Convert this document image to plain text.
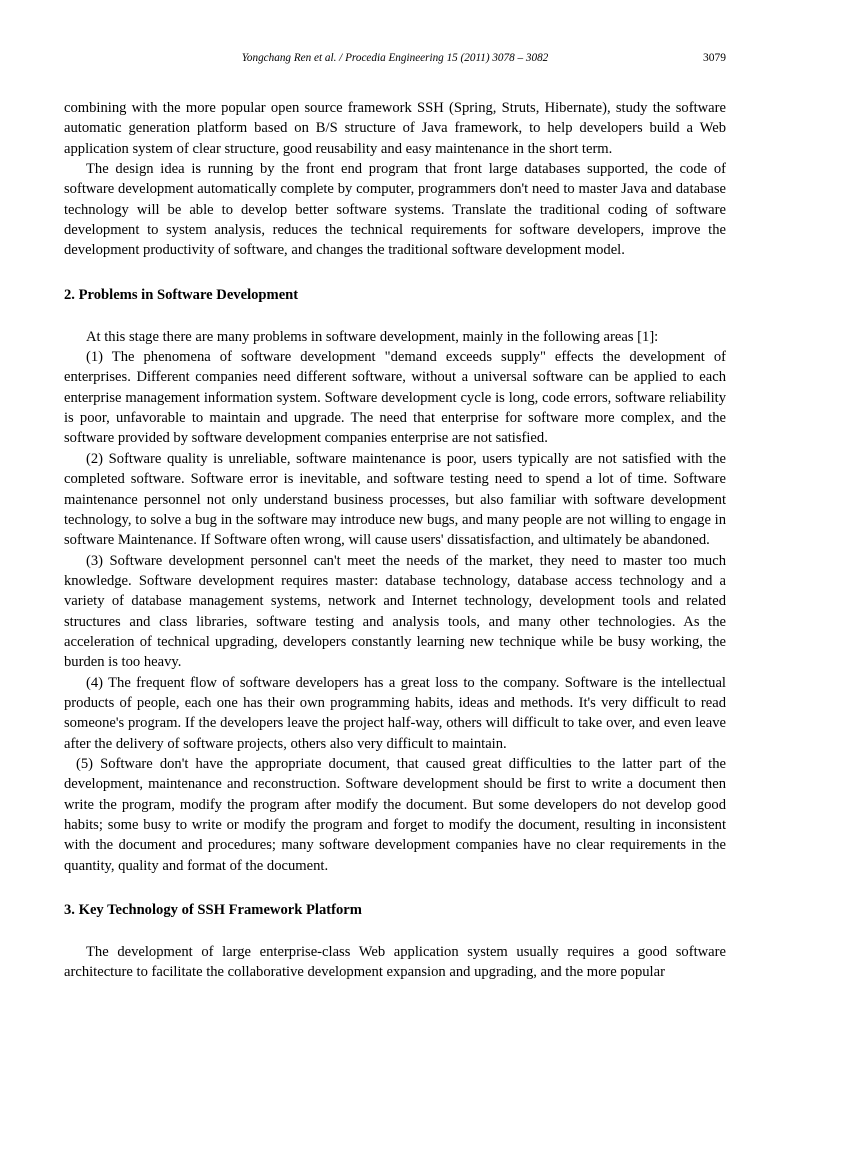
Yongchang Ren et al. / Procedia Engineering 15 (2011) 3078 – 3082	3079

combining with the more popular open source framework SSH (Spring, Struts, Hibernate), study the software automatic generation platform based on B/S structure of Java framework, to help developers build a Web application system of clear structure, good reusability and easy maintenance in the short term.

The design idea is running by the front end program that front large databases supported, the code of software development automatically complete by computer, programmers don't need to master Java and database technology will be able to develop better software systems. Translate the traditional coding of software development to system analysis, reduces the technical requirements for software developers, improve the development productivity of software, and changes the traditional software development model.

2. Problems in Software Development

At this stage there are many problems in software development, mainly in the following areas [1]:

(1) The phenomena of software development "demand exceeds supply" effects the development of enterprises. Different companies need different software, without a universal software can be applied to each enterprise management information system. Software development cycle is long, code errors, software reliability is poor, unfavorable to maintain and upgrade. The need that enterprise for software more complex, and the software provided by software development companies enterprise are not satisfied.

(2) Software quality is unreliable, software maintenance is poor, users typically are not satisfied with the completed software. Software error is inevitable, and software testing need to spend a lot of time. Software maintenance personnel not only understand business processes, but also familiar with software development technology, to solve a bug in the software may introduce new bugs, and many people are not willing to engage in software Maintenance. If Software often wrong, will cause users' dissatisfaction, and ultimately be abandoned.

(3) Software development personnel can't meet the needs of the market, they need to master too much knowledge. Software development requires master: database technology, database access technology and a variety of database management systems, network and Internet technology, development tools and related structures and class libraries, software testing and analysis tools, and many other technologies. As the acceleration of technical upgrading, developers constantly learning new technique while be busy working, the burden is too heavy.

(4) The frequent flow of software developers has a great loss to the company. Software is the intellectual products of people, each one has their own programming habits, ideas and methods. It's very difficult to read someone's program. If the developers leave the project half-way, others will difficult to take over, and even leave after the delivery of software projects, others also very difficult to maintain.

(5) Software don't have the appropriate document, that caused great difficulties to the latter part of the development, maintenance and reconstruction. Software development should be first to write a document then write the program, modify the program after modify the document. But some developers do not develop good habits; some busy to write or modify the program and forget to modify the document, resulting in inconsistent with the document and procedures; many software development companies have no clear requirements in the quantity, quality and format of the document.

3. Key Technology of SSH Framework Platform

The development of large enterprise-class Web application system usually requires a good software architecture to facilitate the collaborative development expansion and upgrading, and the more popular
